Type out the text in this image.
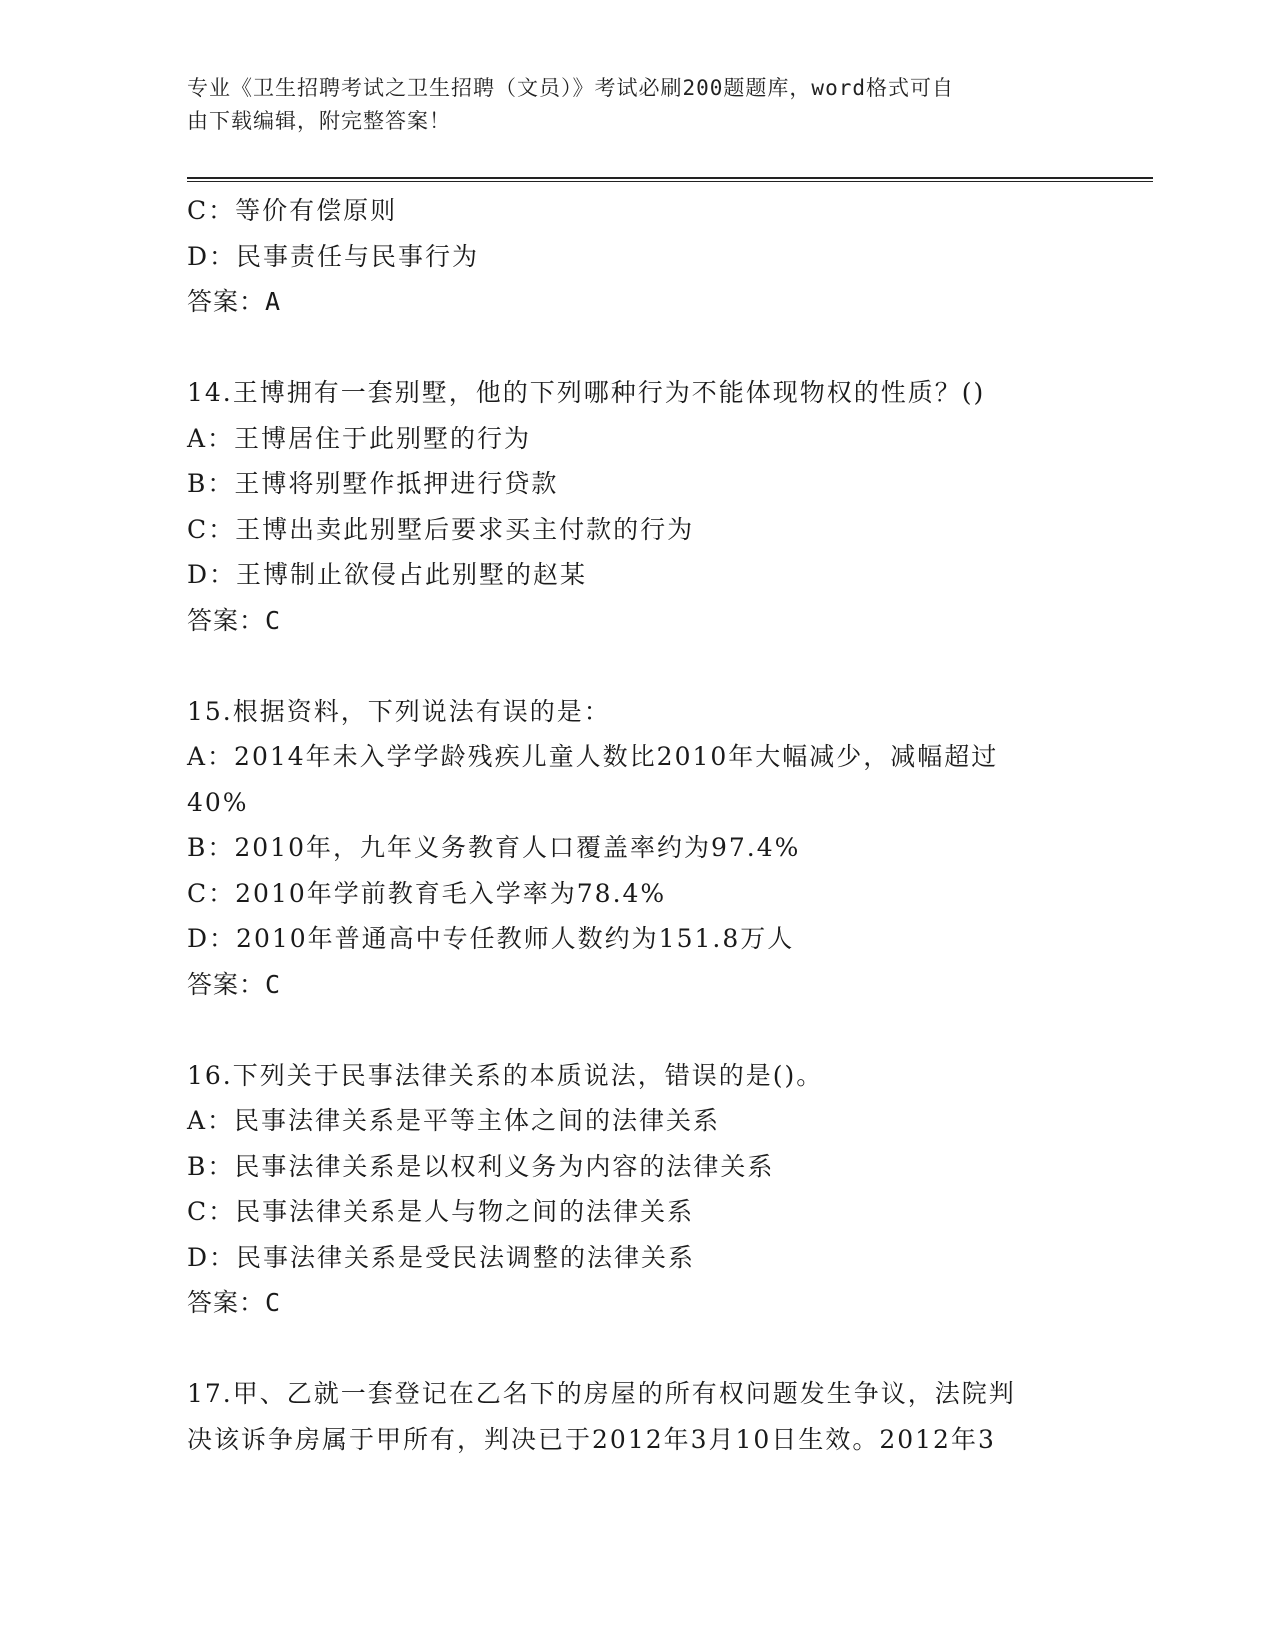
专业《卫生招聘考试之卫生招聘（文员）》考试必刷200题题库，word格式可自
由下载编辑，附完整答案！

C：等价有偿原则

D：民事责任与民事行为

答案：A

14.王博拥有一套别墅，他的下列哪种行为不能体现物权的性质？()

A：王博居住于此别墅的行为

B：王博将别墅作抵押进行贷款

C：王博出卖此别墅后要求买主付款的行为

D：王博制止欲侵占此别墅的赵某

答案：C

15.根据资料，下列说法有误的是：

A：2014年未入学学龄残疾儿童人数比2010年大幅减少，减幅超过

40%

B：2010年，九年义务教育人口覆盖率约为97.4%

C：2010年学前教育毛入学率为78.4%

D：2010年普通高中专任教师人数约为151.8万人

答案：C

16.下列关于民事法律关系的本质说法，错误的是()。

A：民事法律关系是平等主体之间的法律关系

B：民事法律关系是以权利义务为内容的法律关系

C：民事法律关系是人与物之间的法律关系

D：民事法律关系是受民法调整的法律关系

答案：C

17.甲、乙就一套登记在乙名下的房屋的所有权问题发生争议，法院判

决该诉争房属于甲所有，判决已于2012年3月10日生效。2012年3
